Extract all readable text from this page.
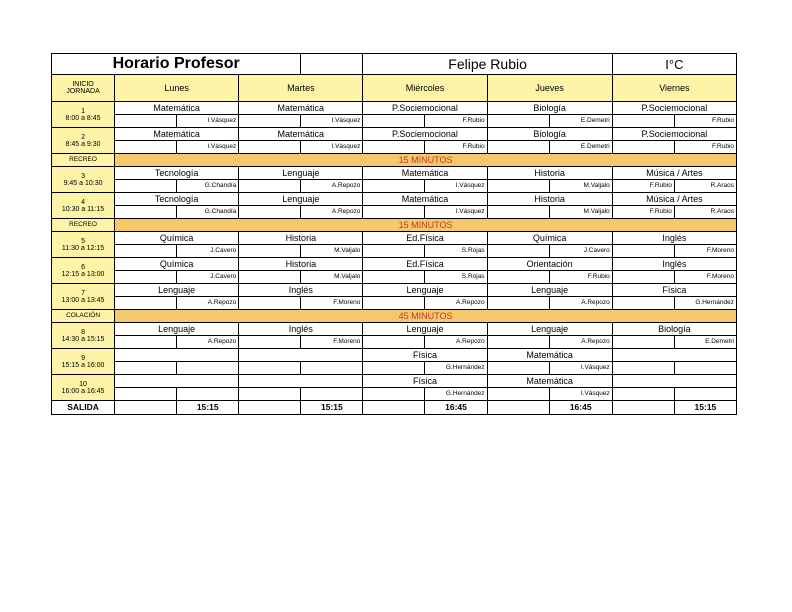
Horario Profesor					Felipe Rubio				I°C	
INICIO
JORNADA	Lunes		Martes		Miércoles		Jueves		Viernes	
1
8:00 a 8:45	Matemática		Matemática		P.Sociemocional		Biología		P.Sociemocional	
		I.Vásquez		I.Vásquez		F.Rubio		E.Demetri		F.Rubio
2
8:45 a 9:30	Matemática		Matemática		P.Sociemocional		Biología		P.Sociemocional	
		I.Vásquez		I.Vásquez		F.Rubio		E.Demetri		F.Rubio
RECREO	15 MINUTOS									
3
9:45 a 10:30	Tecnología		Lenguaje		Matemática		Historia		Música / Artes	
		G.Chandía		A.Repozo		I.Vásquez		M.Valjalo	F.Rubio	R.Araos
4
10:30 a 11:15	Tecnología		Lenguaje		Matemática		Historia		Música / Artes	
		G.Chandía		A.Repozo		I.Vásquez		M.Valjalo	F.Rubio	R.Araos
RECREO	15 MINUTOS									
5
11:30 a 12:15	Química		Historia		Ed.Física		Química		Inglés	
		J.Cavero		M.Valjalo		S.Rojas		J.Cavero		F.Moreno
6
12:15 a 13:00	Química		Historia		Ed.Física		Orientación		Inglés	
		J.Cavero		M.Valjalo		S.Rojas		F.Rubio		F.Moreno
7
13:00 a 13:45	Lenguaje		Inglés		Lenguaje		Lenguaje		Física	
		A.Repozo		F.Moreno		A.Repozo		A.Repozo		G.Hernández
COLACIÓN	45 MINUTOS									
8
14:30 a 15:15	Lenguaje		Inglés		Lenguaje		Lenguaje		Biología	
		A.Repozo		F.Moreno		A.Repozo		A.Repozo		E.Demetri
9
15:15 a 16:00					Física		Matemática			
						G.Hernández		I.Vásquez		
10
16:00 a 16:45					Física		Matemática			
						G.Hernández		I.Vásquez		
SALIDA		15:15		15:15		16:45		16:45		15:15
